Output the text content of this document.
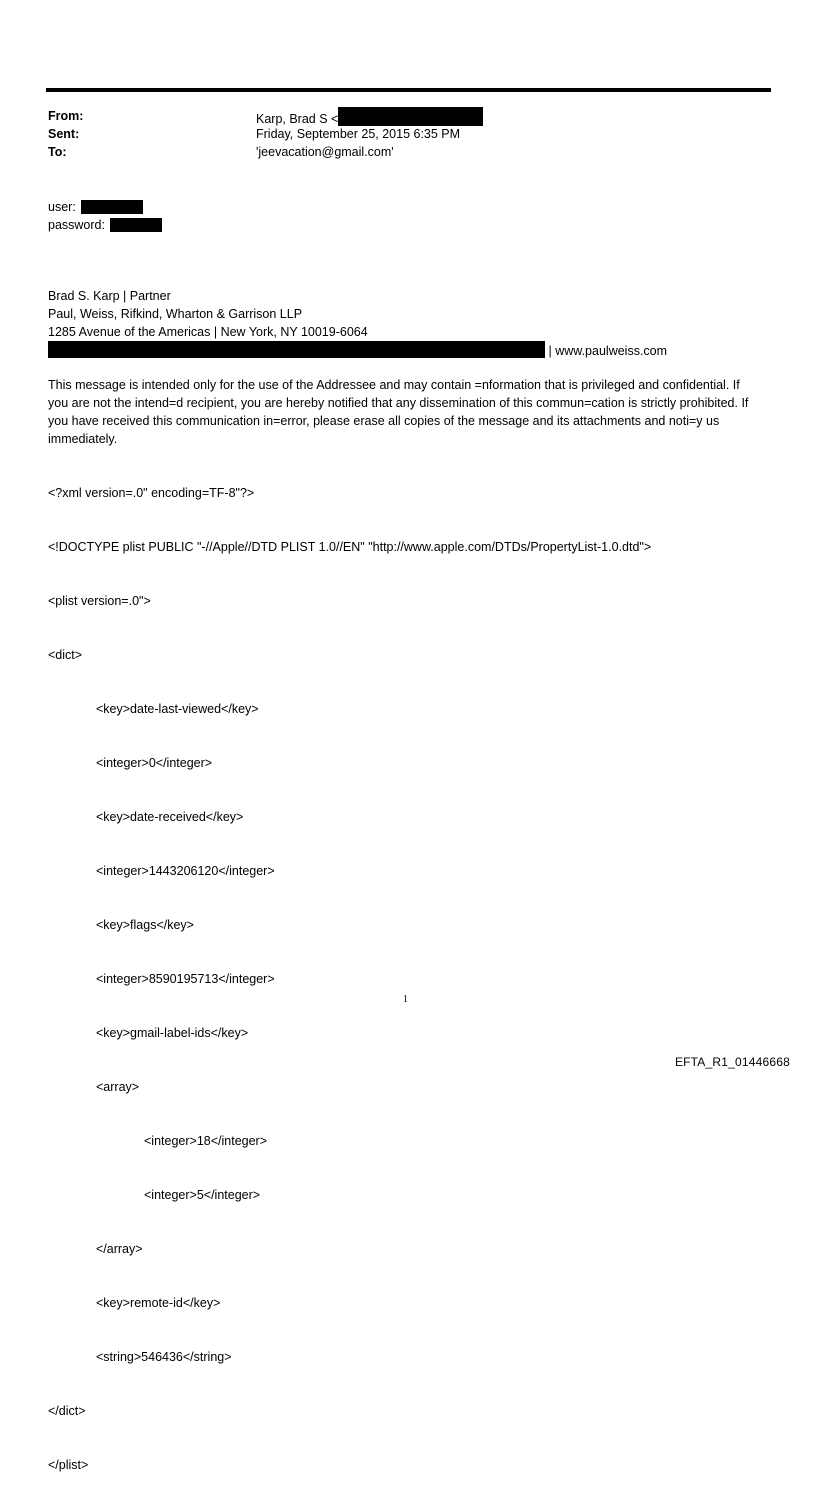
From:	Karp, Brad S <
Sent:	Friday, September 25, 2015 6:35 PM
To:	'jeevacation@gmail.com'
user:
password:
Brad S. Karp | Partner
Paul, Weiss, Rifkind, Wharton & Garrison LLP
1285 Avenue of the Americas | New York, NY 10019-6064
| www.paulweiss.com
This message is intended only for the use of the Addressee and may contain =nformation that is privileged and confidential. If you are not the intend=d recipient, you are hereby notified that any dissemination of this commun=cation is strictly prohibited. If you have received this communication in=error, please erase all copies of the message and its attachments and noti=y us immediately.

<?xml version=.0" encoding=TF-8"?>

<!DOCTYPE plist PUBLIC "-//Apple//DTD PLIST 1.0//EN" "http://www.apple.com/DTDs/PropertyList-1.0.dtd">

<plist version=.0">

<dict>

<key>date-last-viewed</key>

<integer>0</integer>

<key>date-received</key>

<integer>1443206120</integer>

<key>flags</key>

<integer>8590195713</integer>

<key>gmail-label-ids</key>

<array>

<integer>18</integer>

<integer>5</integer>

</array>

<key>remote-id</key>

<string>546436</string>

</dict>

</plist>

1
EFTA_R1_01446668
